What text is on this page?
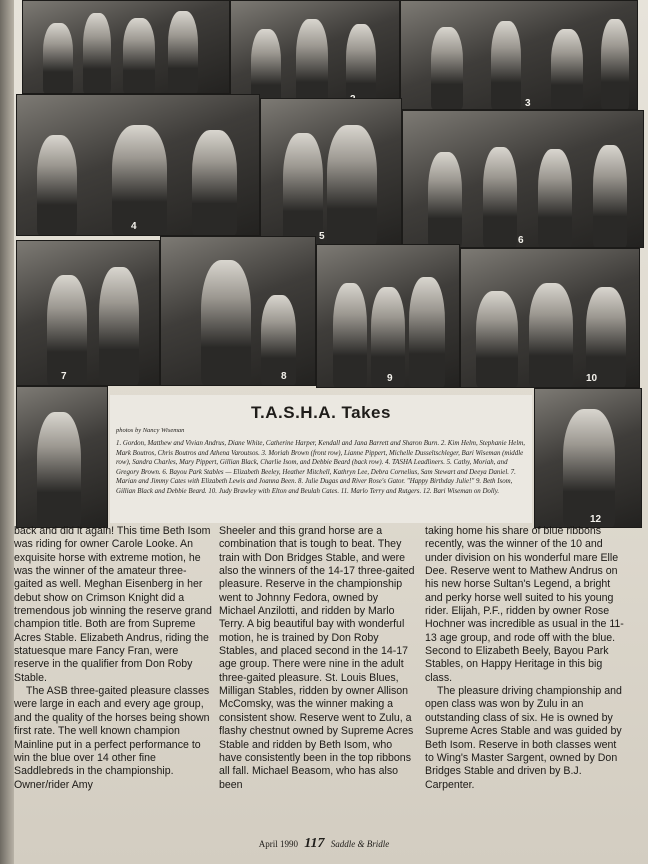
3
4
5	6
7	8	9	10
12
T.A.S.H.A. Takes
photos by Nancy Wiseman
1. Gordon, Matthew and Vivian Andrus, Diane White, Catherine Harper, Kendall and Jana Barrett and Sharon Burn. 2. Kim Helm, Stephanie Helm, Mark Boutros, Chris Boutros and Athena Varoutsos. 3. Moriah Brown (front row), Lianne Pippert, Michelle Dusseltschleger, Bari Wiseman (middle row), Sandra Charles, Mary Pippert, Gillian Black, Charlie Isom, and Debbie Beard (back row). 4. TASHA Leadliners. 5. Cathy, Moriah, and Gregory Brown. 6. Bayou Park Stables — Elizabeth Beeley, Heather Mitchell, Kathryn Lee, Debra Cornelius, Sam Stewart and Deeya Daniel. 7. Marian and Jimmy Cates with Elizabeth Lewis and Joanna Been. 8. Julie Dugas and River Rose's Gator. "Happy Birthday Julie!" 9. Beth Isom, Gillian Black and Debbie Beard. 10. Judy Brawley with Elton and Beulah Cates. 11. Marlo Terry and Rutgers. 12. Bari Wiseman on Dolly.

back and did it again! This time Beth Isom was riding for owner Carole Looke. An exquisite horse with extreme motion, he was the winner of the amateur three-gaited as well. Meghan Eisenberg in her debut show on Crimson Knight did a tremendous job winning the reserve grand champion title. Both are from Supreme Acres Stable. Elizabeth Andrus, riding the statuesque mare Fancy Fran, were reserve in the qualifier from Don Roby Stable.

The ASB three-gaited pleasure classes were large in each and every age group, and the quality of the horses being shown first rate. The well known champion Mainline put in a perfect performance to win the blue over 14 other fine Saddlebreds in the championship. Owner/rider Amy

Sheeler and this grand horse are a combination that is tough to beat. They train with Don Bridges Stable, and were also the winners of the 14-17 three-gaited pleasure. Reserve in the championship went to Johnny Fedora, owned by Michael Anzilotti, and ridden by Marlo Terry. A big beautiful bay with wonderful motion, he is trained by Don Roby Stables, and placed second in the 14-17 age group. There were nine in the adult three-gaited pleasure. St. Louis Blues, Milligan Stables, ridden by owner Allison McComsky, was the winner making a consistent show. Reserve went to Zulu, a flashy chestnut owned by Supreme Acres Stable and ridden by Beth Isom, who have consistently been in the top ribbons all fall. Michael Beasom, who has also been

taking home his share of blue ribbons recently, was the winner of the 10 and under division on his wonderful mare Elle Dee. Reserve went to Mathew Andrus on his new horse Sultan's Legend, a bright and perky horse well suited to his young rider. Elijah, P.F., ridden by owner Rose Hochner was incredible as usual in the 11-13 age group, and rode off with the blue. Second to Elizabeth Beely, Bayou Park Stables, on Happy Heritage in this big class.

The pleasure driving championship and open class was won by Zulu in an outstanding class of six. He is owned by Supreme Acres Stable and was guided by Beth Isom. Reserve in both classes went to Wing's Master Sargent, owned by Don Bridges Stable and driven by B.J. Carpenter.

April 1990 117 Saddle & Bridle
